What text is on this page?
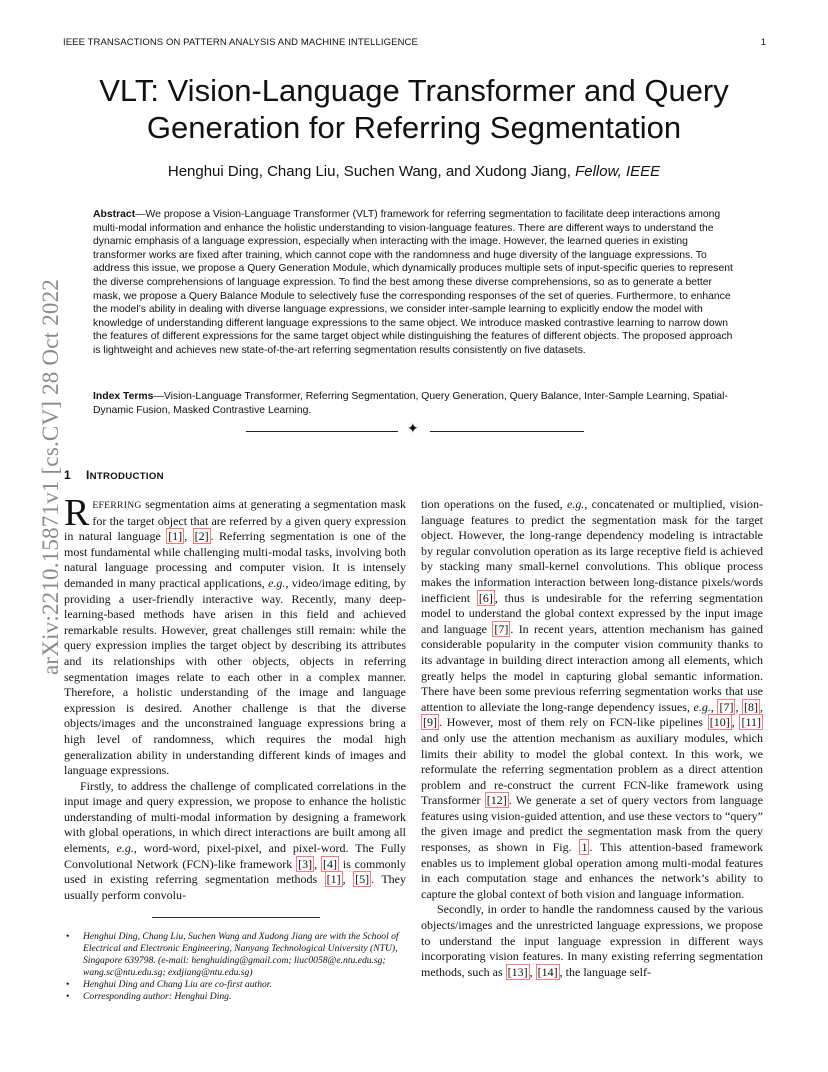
IEEE TRANSACTIONS ON PATTERN ANALYSIS AND MACHINE INTELLIGENCE	1
arXiv:2210.15871v1 [cs.CV] 28 Oct 2022
VLT: Vision-Language Transformer and Query
Generation for Referring Segmentation
Henghui Ding, Chang Liu, Suchen Wang, and Xudong Jiang, Fellow, IEEE
Abstract—We propose a Vision-Language Transformer (VLT) framework for referring segmentation to facilitate deep interactions among multi-modal information and enhance the holistic understanding to vision-language features. There are different ways to understand the dynamic emphasis of a language expression, especially when interacting with the image. However, the learned queries in existing transformer works are fixed after training, which cannot cope with the randomness and huge diversity of the language expressions. To address this issue, we propose a Query Generation Module, which dynamically produces multiple sets of input-specific queries to represent the diverse comprehensions of language expression. To find the best among these diverse comprehensions, so as to generate a better mask, we propose a Query Balance Module to selectively fuse the corresponding responses of the set of queries. Furthermore, to enhance the model’s ability in dealing with diverse language expressions, we consider inter-sample learning to explicitly endow the model with knowledge of understanding different language expressions to the same object. We introduce masked contrastive learning to narrow down the features of different expressions for the same target object while distinguishing the features of different objects. The proposed approach is lightweight and achieves new state-of-the-art referring segmentation results consistently on five datasets.
Index Terms—Vision-Language Transformer, Referring Segmentation, Query Generation, Query Balance, Inter-Sample Learning, Spatial-Dynamic Fusion, Masked Contrastive Learning.
✦
1 INTRODUCTION

REFERRING segmentation aims at generating a segmentation mask for the target object that are referred by a given query expression in natural language [1] , [2] . Referring segmentation is one of the most fundamental while challenging multi-modal tasks, involving both natural language processing and computer vision. It is intensely demanded in many practical applications, e.g., video/image editing, by providing a user-friendly interactive way. Recently, many deep-learning-based methods have arisen in this field and achieved remarkable results. However, great challenges still remain: while the query expression implies the target object by describing its attributes and its relationships with other objects, objects in referring segmentation images relate to each other in a complex manner. Therefore, a holistic understanding of the image and language expression is desired. Another challenge is that the diverse objects/images and the unconstrained language expressions bring a high level of randomness, which requires the modal high generalization ability in understanding different kinds of images and language expressions.

Firstly, to address the challenge of complicated correlations in the input image and query expression, we propose to enhance the holistic understanding of multi-modal information by designing a framework with global operations, in which direct interactions are built among all elements, e.g., word-word, pixel-pixel, and pixel-word. The Fully Convolutional Network (FCN)-like framework [3] , [4] is commonly used in existing referring segmentation methods [1] , [5] . They usually perform convolu-

tion operations on the fused, e.g., concatenated or multiplied, vision-language features to predict the segmentation mask for the target object. However, the long-range dependency modeling is intractable by regular convolution operation as its large receptive field is achieved by stacking many small-kernel convolutions. This oblique process makes the information interaction between long-distance pixels/words inefficient [6] , thus is undesirable for the referring segmentation model to understand the global context expressed by the input image and language [7] . In recent years, attention mechanism has gained considerable popularity in the computer vision community thanks to its advantage in building direct interaction among all elements, which greatly helps the model in capturing global semantic information. There have been some previous referring segmentation works that use attention to alleviate the long-range dependency issues, e.g., [7] , [8] , [9] . However, most of them rely on FCN-like pipelines [10] , [11] and only use the attention mechanism as auxiliary modules, which limits their ability to model the global context. In this work, we reformulate the referring segmentation problem as a direct attention problem and re-construct the current FCN-like framework using Transformer [12] . We generate a set of query vectors from language features using vision-guided attention, and use these vectors to “query” the given image and predict the segmentation mask from the query responses, as shown in Fig. 1 . This attention-based framework enables us to implement global operation among multi-modal features in each computation stage and enhances the network’s ability to capture the global context of both vision and language information.

Secondly, in order to handle the randomness caused by the various objects/images and the unrestricted language expressions, we propose to understand the input language expression in different ways incorporating vision features. In many existing referring segmentation methods, such as [13] , [14] , the language self-

• Henghui Ding, Chang Liu, Suchen Wang and Xudong Jiang are with the School of Electrical and Electronic Engineering, Nanyang Technological University (NTU), Singapore 639798. (e-mail: henghuiding@gmail.com; liuc0058@e.ntu.edu.sg; wang.sc@ntu.edu.sg; exdjiang@ntu.edu.sg)
• Henghui Ding and Chang Liu are co-first author.
• Corresponding author: Henghui Ding.
